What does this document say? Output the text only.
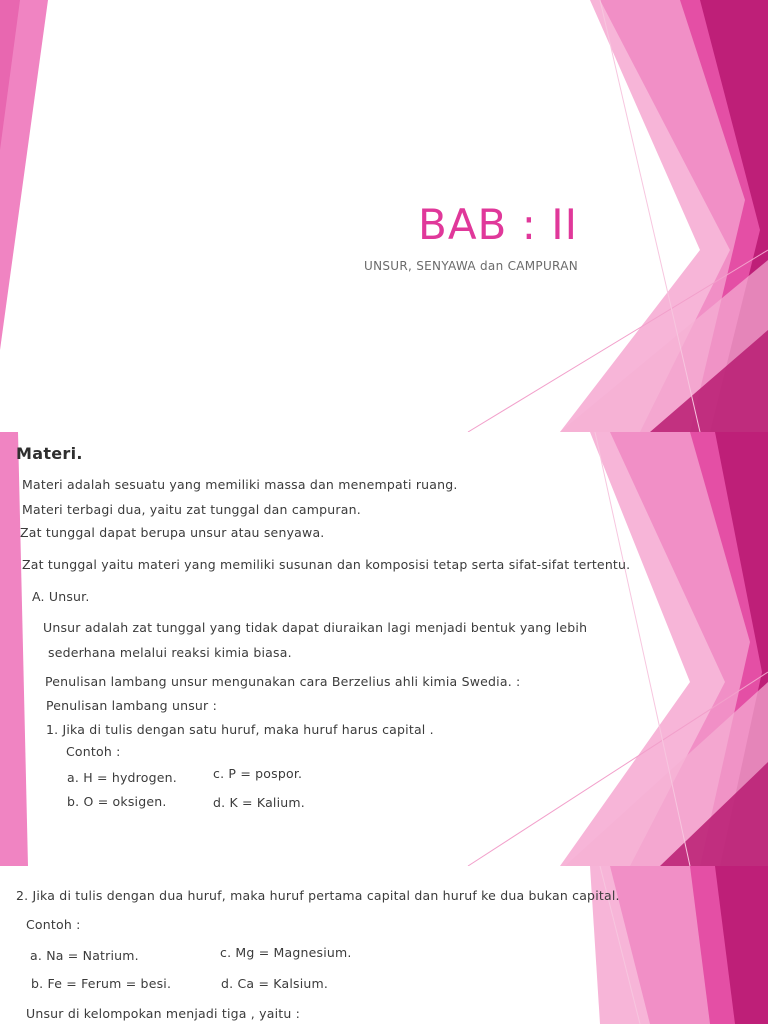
BAB : II
UNSUR, SENYAWA dan CAMPURAN
Materi.
Materi adalah sesuatu yang memiliki massa dan menempati ruang.
Materi terbagi dua, yaitu zat tunggal dan campuran.
Zat tunggal dapat berupa unsur atau senyawa.
Zat tunggal yaitu materi yang memiliki susunan dan komposisi tetap serta sifat-sifat tertentu.
A. Unsur.
Unsur adalah zat tunggal yang tidak dapat diuraikan lagi menjadi bentuk yang lebih
sederhana melalui reaksi kimia biasa.
Penulisan lambang unsur mengunakan cara Berzelius ahli kimia Swedia. :
Penulisan lambang unsur :
1. Jika di tulis dengan satu huruf, maka huruf harus capital .
Contoh :
a. H = hydrogen.	c. P = pospor.
b. O = oksigen.	d. K = Kalium.
2. Jika di tulis dengan dua huruf, maka huruf pertama capital dan huruf ke dua bukan capital.
Contoh :
a. Na = Natrium.	c. Mg = Magnesium.
b. Fe = Ferum = besi.	d. Ca = Kalsium.
Unsur di kelompokan menjadi tiga , yaitu :
